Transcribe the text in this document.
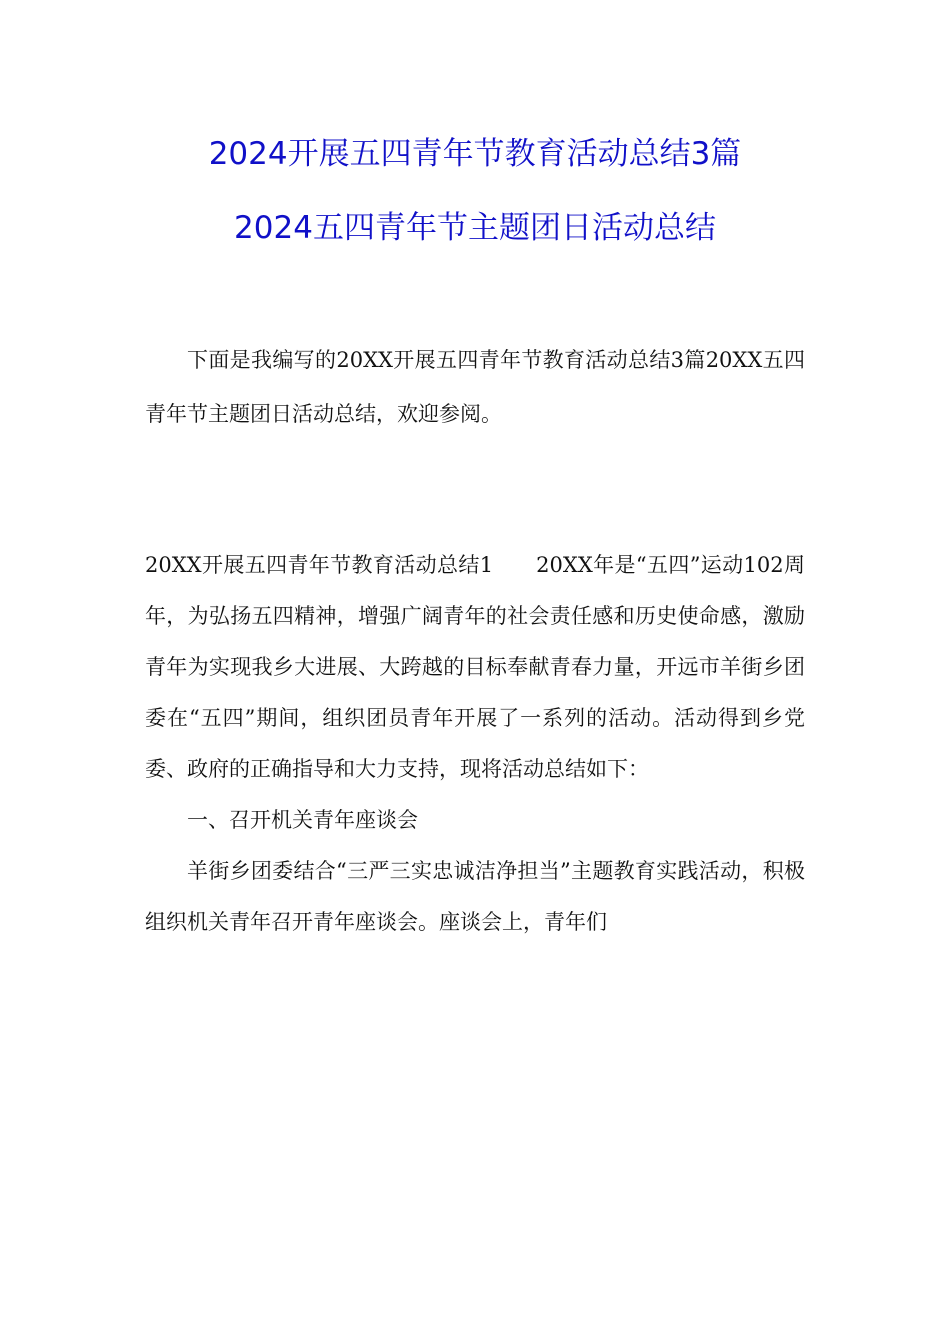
2024开展五四青年节教育活动总结3篇
2024五四青年节主题团日活动总结

下面是我编写的20XX开展五四青年节教育活动总结3篇20XX五四青年节主题团日活动总结，欢迎参阅。

20XX开展五四青年节教育活动总结1　　20XX年是“五四”运动102周年，为弘扬五四精神，增强广阔青年的社会责任感和历史使命感，激励青年为实现我乡大进展、大跨越的目标奉献青春力量，开远市羊街乡团委在“五四”期间，组织团员青年开展了一系列的活动。活动得到乡党委、政府的正确指导和大力支持，现将活动总结如下：

一、召开机关青年座谈会

羊街乡团委结合“三严三实忠诚洁净担当”主题教育实践活动，积极组织机关青年召开青年座谈会。座谈会上，青年们
